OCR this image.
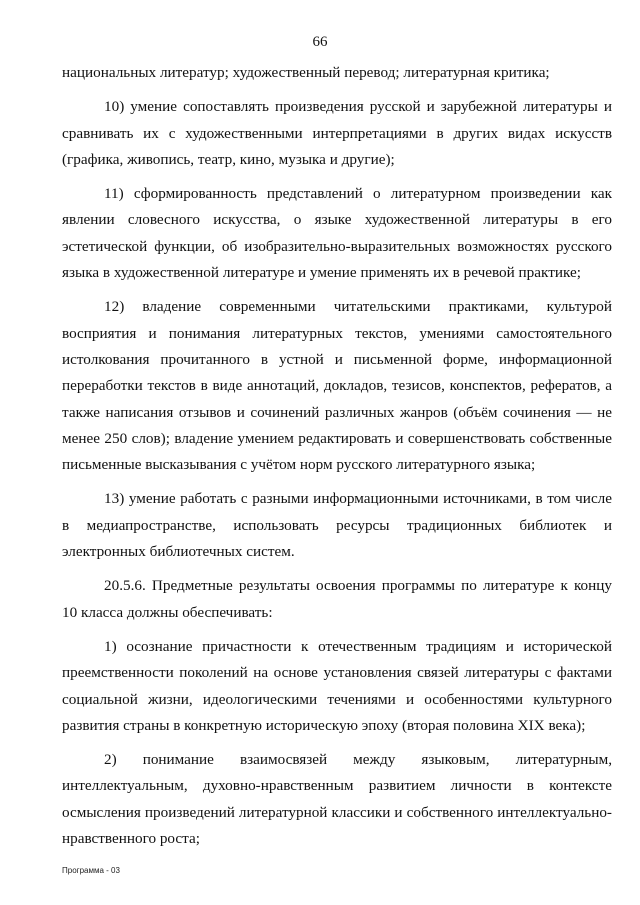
66

национальных литератур; художественный перевод; литературная критика;

10) умение сопоставлять произведения русской и зарубежной литературы и сравнивать их с художественными интерпретациями в других видах искусств (графика, живопись, театр, кино, музыка и другие);

11) сформированность представлений о литературном произведении как явлении словесного искусства, о языке художественной литературы в его эстетической функции, об изобразительно-выразительных возможностях русского языка в художественной литературе и умение применять их в речевой практике;

12) владение современными читательскими практиками, культурой восприятия и понимания литературных текстов, умениями самостоятельного истолкования прочитанного в устной и письменной форме, информационной переработки текстов в виде аннотаций, докладов, тезисов, конспектов, рефератов, а также написания отзывов и сочинений различных жанров (объём сочинения — не менее 250 слов); владение умением редактировать и совершенствовать собственные письменные высказывания с учётом норм русского литературного языка;

13) умение работать с разными информационными источниками, в том числе в медиапространстве, использовать ресурсы традиционных библиотек и электронных библиотечных систем.

20.5.6. Предметные результаты освоения программы по литературе к концу 10 класса должны обеспечивать:

1) осознание причастности к отечественным традициям и исторической преемственности поколений на основе установления связей литературы с фактами социальной жизни, идеологическими течениями и особенностями культурного развития страны в конкретную историческую эпоху (вторая половина XIX века);

2) понимание взаимосвязей между языковым, литературным, интеллектуальным, духовно-нравственным развитием личности в контексте осмысления произведений литературной классики и собственного интеллектуально-нравственного роста;

Программа - 03
